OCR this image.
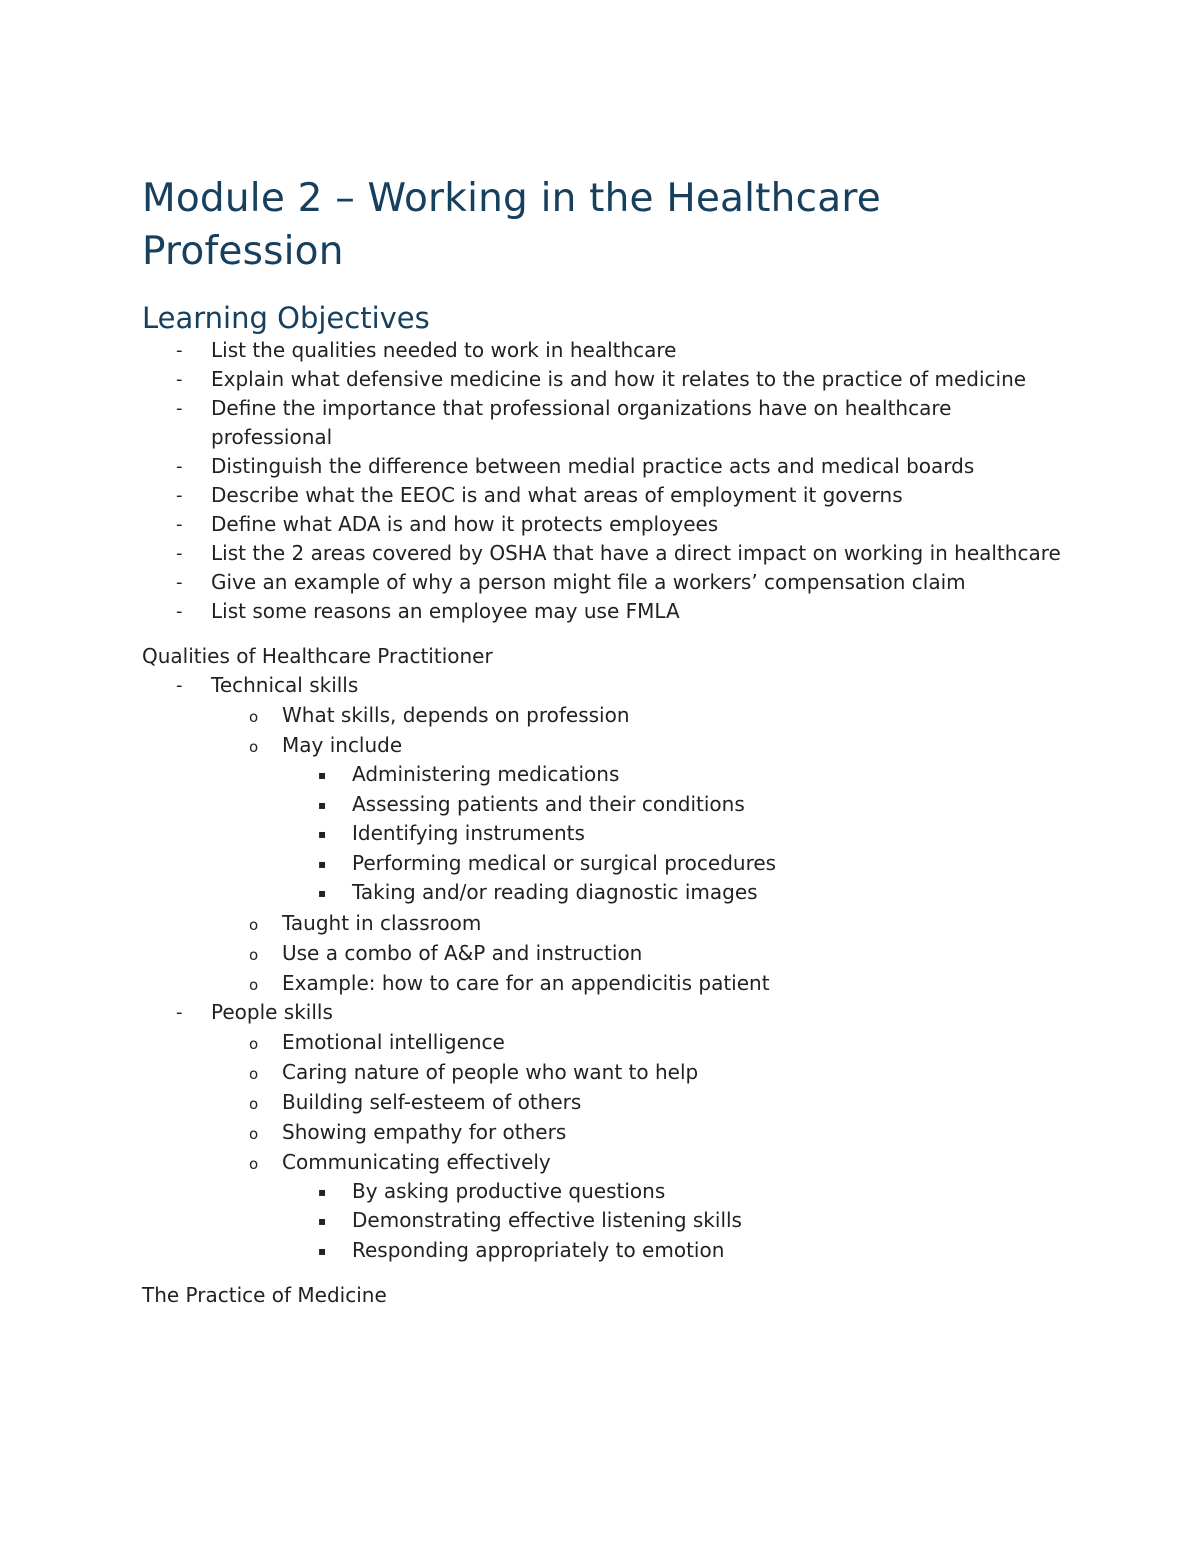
Module 2 – Working in the Healthcare
Profession
Learning Objectives
- List the qualities needed to work in healthcare
- Explain what defensive medicine is and how it relates to the practice of medicine
- Define the importance that professional organizations have on healthcare professional
- Distinguish the difference between medial practice acts and medical boards
- Describe what the EEOC is and what areas of employment it governs
- Define what ADA is and how it protects employees
- List the 2 areas covered by OSHA that have a direct impact on working in healthcare
- Give an example of why a person might file a workers’ compensation claim
- List some reasons an employee may use FMLA

Qualities of Healthcare Practitioner

- Technical skills
o What skills, depends on profession
o May include
▪ Administering medications
▪ Assessing patients and their conditions
▪ Identifying instruments
▪ Performing medical or surgical procedures
▪ Taking and/or reading diagnostic images
o Taught in classroom
o Use a combo of A&P and instruction
o Example: how to care for an appendicitis patient
- People skills
o Emotional intelligence
o Caring nature of people who want to help
o Building self-esteem of others
o Showing empathy for others
o Communicating effectively
▪ By asking productive questions
▪ Demonstrating effective listening skills
▪ Responding appropriately to emotion

The Practice of Medicine
